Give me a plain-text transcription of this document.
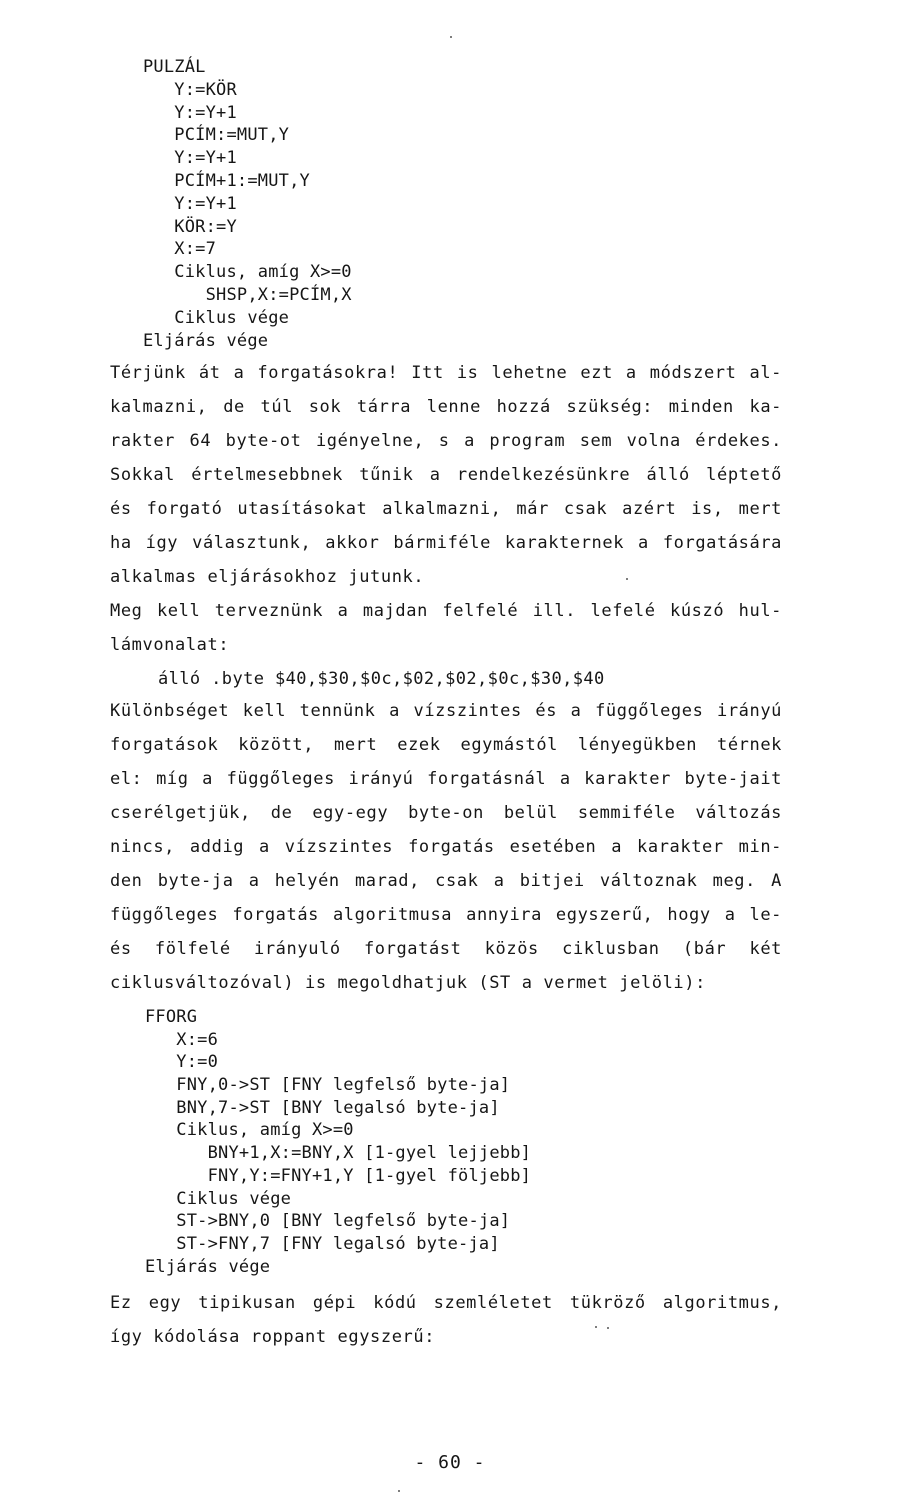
PULZÁL
Y:=KÖR
Y:=Y+1
PCÍM:=MUT,Y
Y:=Y+1
PCÍM+1:=MUT,Y
Y:=Y+1
KÖR:=Y
X:=7
Ciklus, amíg X>=0
SHSP,X:=PCÍM,X
Ciklus vége
Eljárás vége
Térjünk át a forgatásokra! Itt is lehetne ezt a módszert al-
kalmazni, de túl sok tárra lenne hozzá szükség: minden ka-
rakter 64 byte-ot igényelne, s a program sem volna érdekes.
Sokkal értelmesebbnek tűnik a rendelkezésünkre álló léptető
és forgató utasításokat alkalmazni, már csak azért is, mert
ha így választunk, akkor bármiféle karakternek a forgatására
alkalmas eljárásokhoz jutunk.
Meg kell terveznünk a majdan felfelé ill. lefelé kúszó hul-
lámvonalat:
álló .byte $40,$30,$0c,$02,$02,$0c,$30,$40
Különbséget kell tennünk a vízszintes és a függőleges irányú
forgatások között, mert ezek egymástól lényegükben térnek
el: míg a függőleges irányú forgatásnál a karakter byte-jait
cserélgetjük, de egy-egy byte-on belül semmiféle változás
nincs, addig a vízszintes forgatás esetében a karakter min-
den byte-ja a helyén marad, csak a bitjei változnak meg. A
függőleges forgatás algoritmusa annyira egyszerű, hogy a le-
és fölfelé irányuló forgatást közös ciklusban (bár két
ciklusváltozóval) is megoldhatjuk (ST a vermet jelöli):
FFORG
X:=6
Y:=0
FNY,0->ST [FNY legfelső byte-ja]
BNY,7->ST [BNY legalsó byte-ja]
Ciklus, amíg X>=0
BNY+1,X:=BNY,X [1-gyel lejjebb]
FNY,Y:=FNY+1,Y [1-gyel följebb]
Ciklus vége
ST->BNY,0 [BNY legfelső byte-ja]
ST->FNY,7 [FNY legalsó byte-ja]
Eljárás vége
Ez egy tipikusan gépi kódú szemléletet tükröző algoritmus,
így kódolása roppant egyszerű:
- 60 -
